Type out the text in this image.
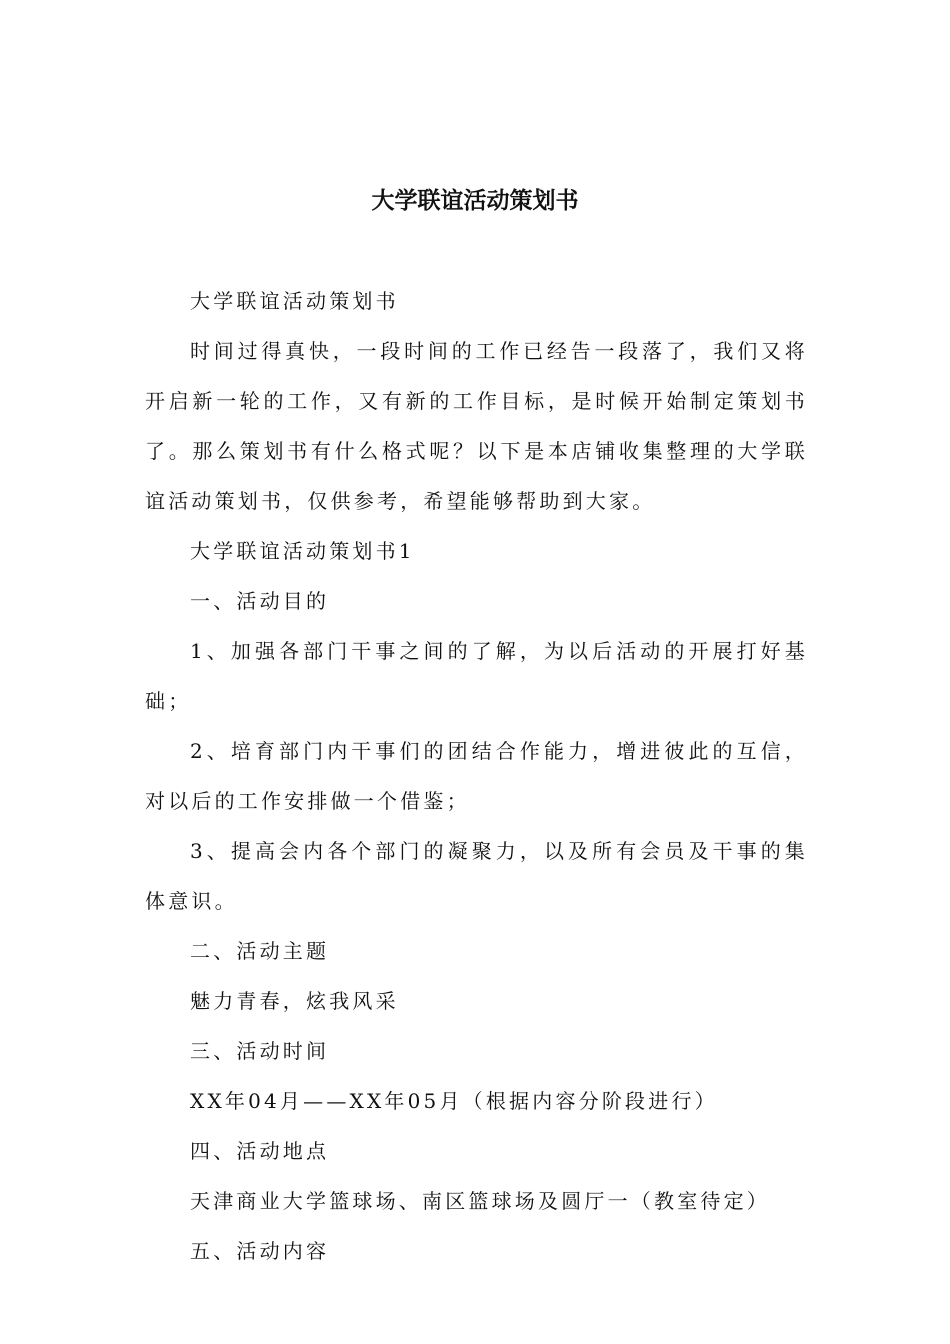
大学联谊活动策划书

大学联谊活动策划书

时间过得真快，一段时间的工作已经告一段落了，我们又将开启新一轮的工作，又有新的工作目标，是时候开始制定策划书了。那么策划书有什么格式呢？以下是本店铺收集整理的大学联谊活动策划书，仅供参考，希望能够帮助到大家。

大学联谊活动策划书1

一、活动目的

1、加强各部门干事之间的了解，为以后活动的开展打好基础；

2、培育部门内干事们的团结合作能力，增进彼此的互信，对以后的工作安排做一个借鉴；

3、提高会内各个部门的凝聚力，以及所有会员及干事的集体意识。

二、活动主题

魅力青春，炫我风采

三、活动时间

XX年04月——XX年05月（根据内容分阶段进行）

四、活动地点

天津商业大学篮球场、南区篮球场及圆厅一（教室待定）

五、活动内容
